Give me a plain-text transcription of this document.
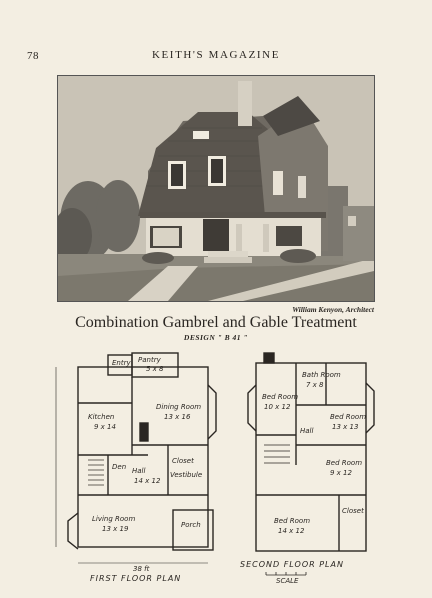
78	KEITH'S MAGAZINE
William Kenyon, Architect
Combination Gambrel and Gable Treatment
DESIGN " B 41 "
Entry Pantry
5 x 8
Kitchen
9 x 14
Dining Room
13 x 16
Den Hall
14 x 12
Closet
Vestibule
Living Room
13 x 19	Porch
38 ft
FIRST FLOOR PLAN
Bath Room
7 x 8
Bed Room
10 x 12
Bed Room
13 x 13
Hall
Bed Room
9 x 12
Bed Room
14 x 12
Closet
SECOND FLOOR PLAN
SCALE
